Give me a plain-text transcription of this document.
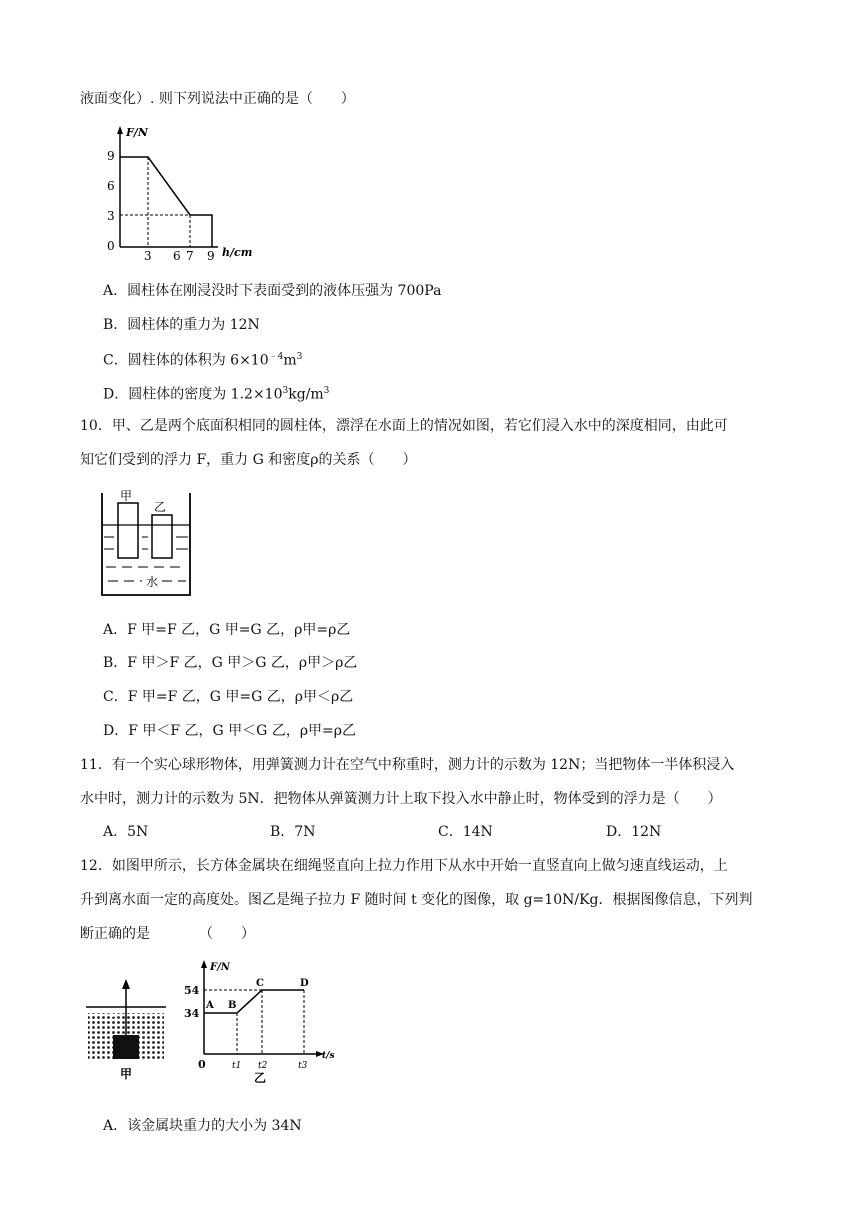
液面变化）. 则下列说法中正确的是（　　）
F/N
h/cm
9
6
3
0
3 6 7 9
A．圆柱体在刚浸没时下表面受到的液体压强为 700Pa
B．圆柱体的重力为 12N
C．圆柱体的体积为 $6\times 10^{﹣4}m^3$
D．圆柱体的密度为 $1.2\times 10^3kg/m^3$
10．甲、乙是两个底面积相同的圆柱体，漂浮在水面上的情况如图，若它们浸入水中的深度相同，由此可
知它们受到的浮力 F，重力 G 和密度ρ的关系（　　）
甲
乙
水
A．F 甲=F 乙，G 甲=G 乙，ρ甲=ρ乙
B．F 甲＞F 乙，G 甲＞G 乙，ρ甲＞ρ乙
C．F 甲=F 乙，G 甲=G 乙，ρ甲＜ρ乙
D．F 甲＜F 乙，G 甲＜G 乙，ρ甲=ρ乙
11．有一个实心球形物体，用弹簧测力计在空气中称重时，测力计的示数为 12N；当把物体一半体积浸入
水中时，测力计的示数为 5N．把物体从弹簧测力计上取下投入水中静止时，物体受到的浮力是（　　）
A．5N	B．7N	C．14N	D．12N
12．如图甲所示，长方体金属块在细绳竖直向上拉力作用下从水中开始一直竖直向上做匀速直线运动，上
升到离水面一定的高度处。图乙是绳子拉力 F 随时间 t 变化的图像，取 g=10N/Kg．根据图像信息，下列判
断正确的是　　　　（　　）
v
甲
F/N
t/s
54
34
0	t1 t2	t3
A B
C	D
乙
A．该金属块重力的大小为 34N
